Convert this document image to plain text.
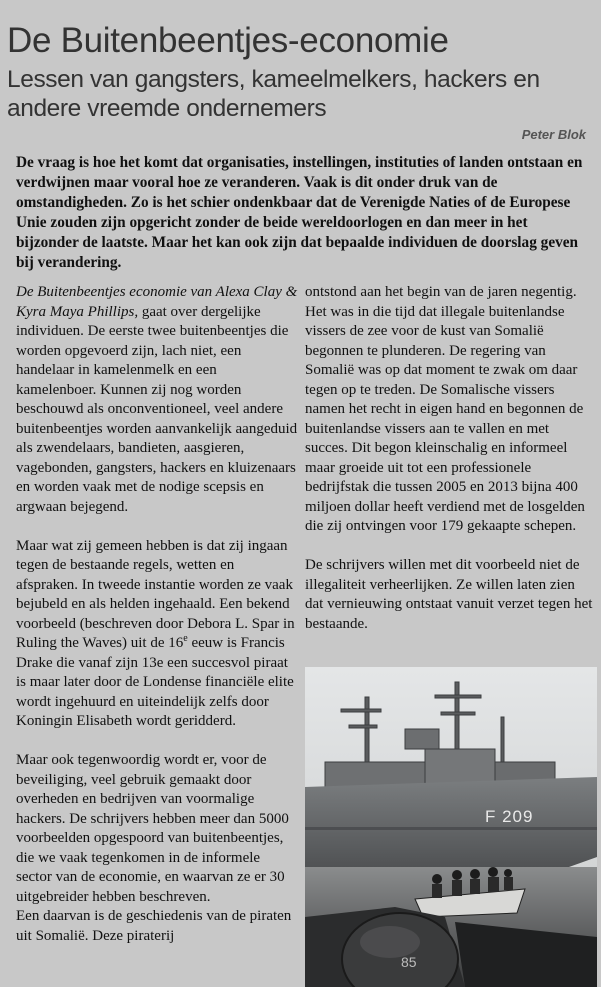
De Buitenbeentjes-economie
Lessen van gangsters, kameelmelkers, hackers en andere vreemde ondernemers
Peter Blok
De vraag is hoe het komt dat organisaties, instellingen, instituties of landen ontstaan en verdwijnen maar vooral hoe ze veranderen. Vaak is dit onder druk van de omstandigheden. Zo is het schier ondenkbaar dat de Verenigde Naties of de Europese Unie zouden zijn opgericht zonder de beide wereldoorlogen en dan meer in het bijzonder de laatste. Maar het kan ook zijn dat bepaalde individuen de doorslag geven bij verandering.

De Buitenbeentjes economie van Alexa Clay & Kyra Maya Phillips, gaat over dergelijke individuen. De eerste twee buitenbeentjes die worden opgevoerd zijn, lach niet, een handelaar in kamelenmelk en een kamelenboer. Kunnen zij nog worden beschouwd als onconventioneel, veel andere buitenbeentjes worden aanvankelijk aangeduid als zwendelaars, bandieten, aasgieren, vagebonden, gangsters, hackers en kluizenaars en worden vaak met de nodige scepsis en argwaan bejegend.

Maar wat zij gemeen hebben is dat zij ingaan tegen de bestaande regels, wetten en afspraken. In tweede instantie worden ze vaak bejubeld en als helden ingehaald. Een bekend voorbeeld (beschreven door Debora L. Spar in Ruling the Waves) uit de 16e eeuw is Francis Drake die vanaf zijn 13e een succesvol piraat is maar later door de Londense financiële elite wordt ingehuurd en uiteindelijk zelfs door Koningin Elisabeth wordt geridderd.

Maar ook tegenwoordig wordt er, voor de beveiliging, veel gebruik gemaakt door overheden en bedrijven van voormalige hackers. De schrijvers hebben meer dan 5000 voorbeelden opgespoord van buitenbeentjes, die we vaak tegenkomen in de informele sector van de economie, en waarvan ze er 30 uitgebreider hebben beschreven.

Een daarvan is de geschiedenis van de piraten uit Somalië. Deze piraterij

ontstond aan het begin van de jaren negentig. Het was in die tijd dat illegale buitenlandse vissers de zee voor de kust van Somalië begonnen te plunderen. De regering van Somalië was op dat moment te zwak om daar tegen op te treden. De Somalische vissers namen het recht in eigen hand en begonnen de buitenlandse vissers aan te vallen en met succes. Dit begon kleinschalig en informeel maar groeide uit tot een professionele bedrijfstak die tussen 2005 en 2013 bijna 400 miljoen dollar heeft verdiend met de losgelden die zij ontvingen voor 179 gekaapte schepen.

De schrijvers willen met dit voorbeeld niet de illegaliteit verheerlijken. Ze willen laten zien dat vernieuwing ontstaat vanuit verzet tegen het bestaande.

F 209
85
